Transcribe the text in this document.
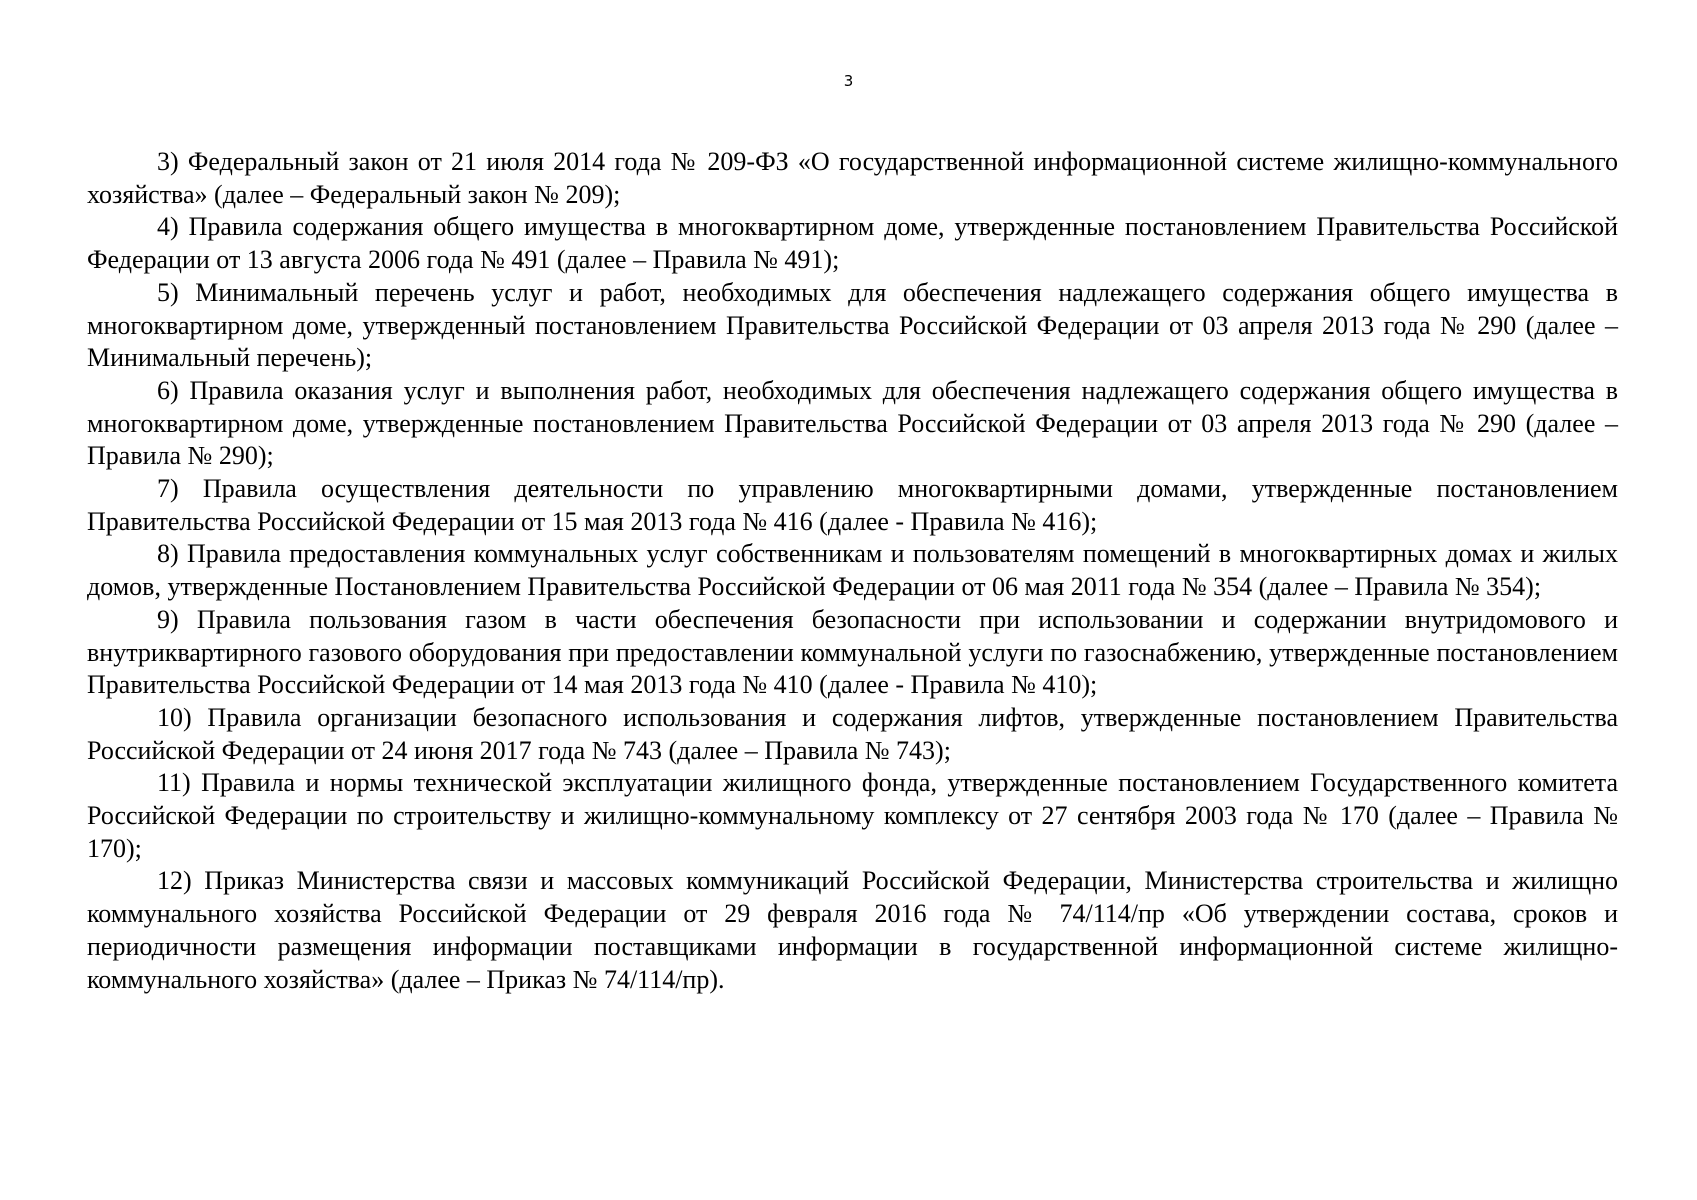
3

3) Федеральный закон от 21 июля 2014 года № 209-ФЗ «О государственной информационной системе жилищно-коммунального хозяйства» (далее – Федеральный закон № 209);

4) Правила содержания общего имущества в многоквартирном доме, утвержденные постановлением Правительства Российской Федерации от 13 августа 2006 года № 491 (далее – Правила № 491);

5) Минимальный перечень услуг и работ, необходимых для обеспечения надлежащего содержания общего имущества в многоквартирном доме, утвержденный постановлением Правительства Российской Федерации от 03 апреля 2013 года № 290 (далее – Минимальный перечень);

6) Правила оказания услуг и выполнения работ, необходимых для обеспечения надлежащего содержания общего имущества в многоквартирном доме, утвержденные постановлением Правительства Российской Федерации от 03 апреля 2013 года № 290 (далее – Правила № 290);

7) Правила осуществления деятельности по управлению многоквартирными домами, утвержденные постановлением Правительства Российской Федерации от 15 мая 2013 года № 416 (далее - Правила № 416);

8) Правила предоставления коммунальных услуг собственникам и пользователям помещений в многоквартирных домах и жилых домов, утвержденные Постановлением Правительства Российской Федерации от 06 мая 2011 года № 354 (далее – Правила № 354);

9) Правила пользования газом в части обеспечения безопасности при использовании и содержании внутридомового и внутриквартирного газового оборудования при предоставлении коммунальной услуги по газоснабжению, утвержденные постановлением Правительства Российской Федерации от 14 мая 2013 года № 410 (далее - Правила № 410);

10) Правила организации безопасного использования и содержания лифтов, утвержденные постановлением Правительства Российской Федерации от 24 июня 2017 года № 743 (далее – Правила № 743);

11) Правила и нормы технической эксплуатации жилищного фонда, утвержденные постановлением Государственного комитета Российской Федерации по строительству и жилищно-коммунальному комплексу от 27 сентября 2003 года № 170 (далее – Правила № 170);

12) Приказ Министерства связи и массовых коммуникаций Российской Федерации, Министерства строительства и жилищно коммунального хозяйства Российской Федерации от 29 февраля 2016 года № 74/114/пр «Об утверждении состава, сроков и периодичности размещения информации поставщиками информации в государственной информационной системе жилищно-коммунального хозяйства» (далее – Приказ № 74/114/пр).
